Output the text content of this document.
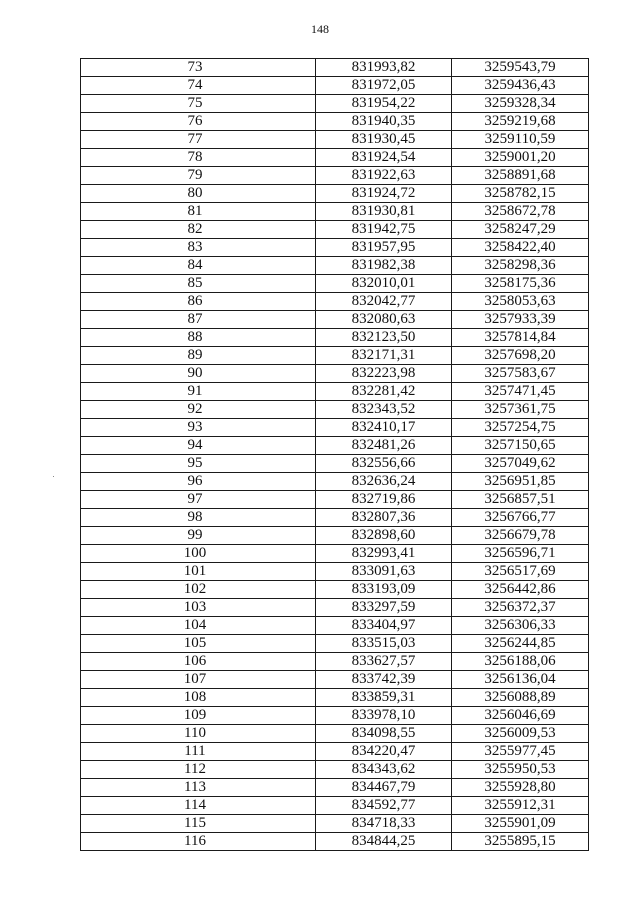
148
73	831993,82	3259543,79
74	831972,05	3259436,43
75	831954,22	3259328,34
76	831940,35	3259219,68
77	831930,45	3259110,59
78	831924,54	3259001,20
79	831922,63	3258891,68
80	831924,72	3258782,15
81	831930,81	3258672,78
82	831942,75	3258247,29
83	831957,95	3258422,40
84	831982,38	3258298,36
85	832010,01	3258175,36
86	832042,77	3258053,63
87	832080,63	3257933,39
88	832123,50	3257814,84
89	832171,31	3257698,20
90	832223,98	3257583,67
91	832281,42	3257471,45
92	832343,52	3257361,75
93	832410,17	3257254,75
94	832481,26	3257150,65
95	832556,66	3257049,62
96	832636,24	3256951,85
97	832719,86	3256857,51
98	832807,36	3256766,77
99	832898,60	3256679,78
100	832993,41	3256596,71
101	833091,63	3256517,69
102	833193,09	3256442,86
103	833297,59	3256372,37
104	833404,97	3256306,33
105	833515,03	3256244,85
106	833627,57	3256188,06
107	833742,39	3256136,04
108	833859,31	3256088,89
109	833978,10	3256046,69
110	834098,55	3256009,53
111	834220,47	3255977,45
112	834343,62	3255950,53
113	834467,79	3255928,80
114	834592,77	3255912,31
115	834718,33	3255901,09
116	834844,25	3255895,15
